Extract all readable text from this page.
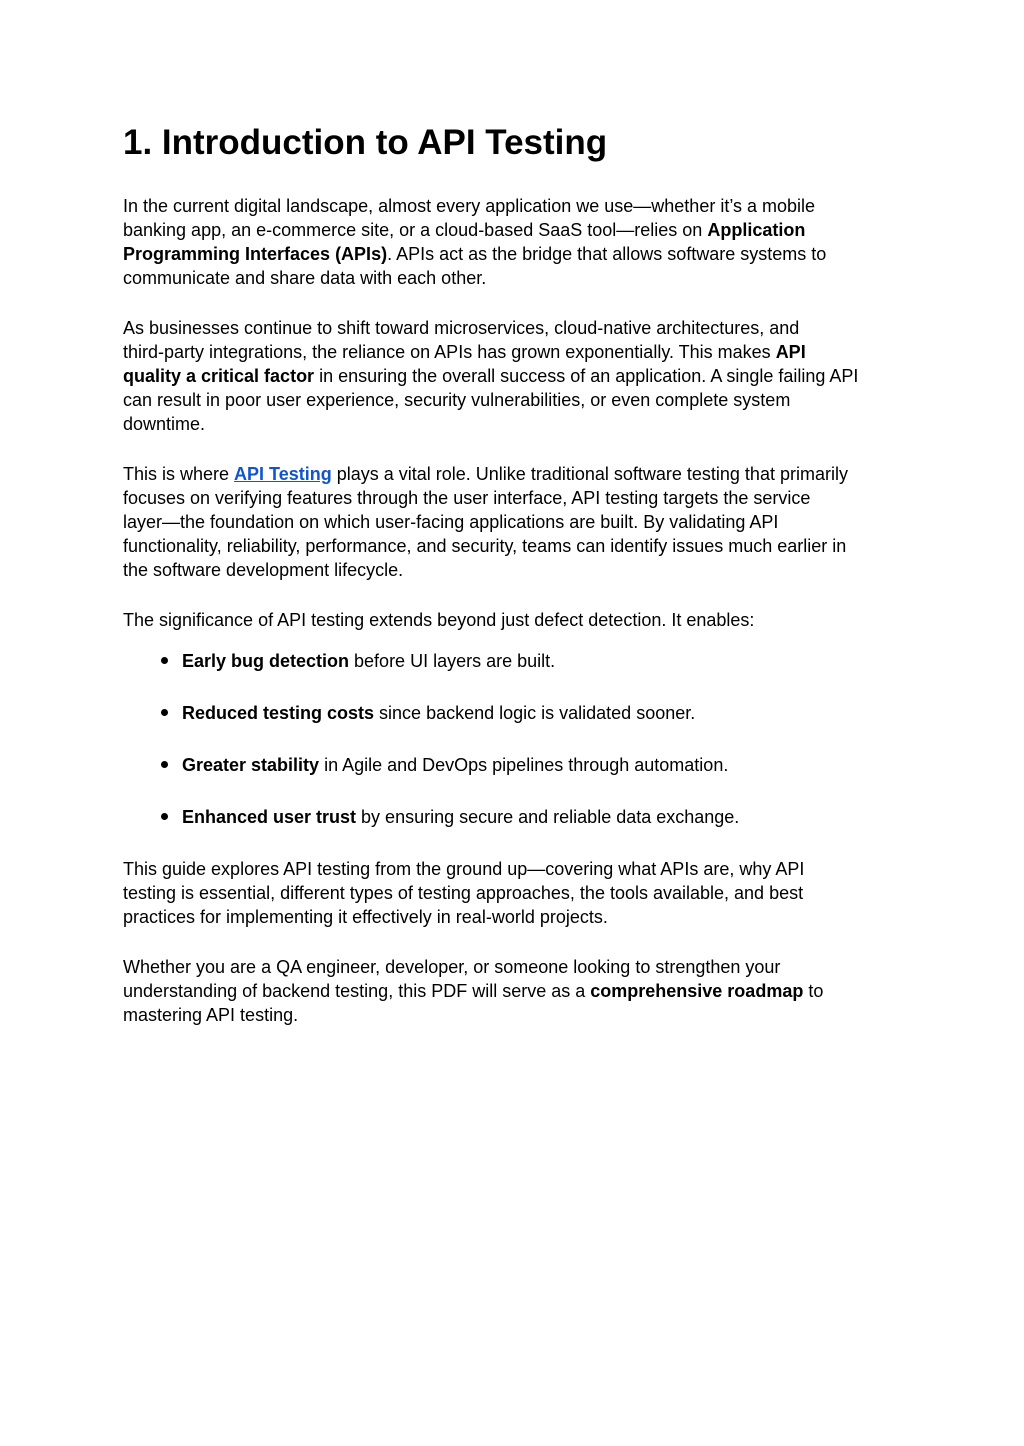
1. Introduction to API Testing
In the current digital landscape, almost every application we use—whether it’s a mobile
banking app, an e-commerce site, or a cloud-based SaaS tool—relies on Application
Programming Interfaces (APIs). APIs act as the bridge that allows software systems to
communicate and share data with each other.
As businesses continue to shift toward microservices, cloud-native architectures, and
third-party integrations, the reliance on APIs has grown exponentially. This makes API
quality a critical factor in ensuring the overall success of an application. A single failing API
can result in poor user experience, security vulnerabilities, or even complete system
downtime.
This is where API Testing plays a vital role. Unlike traditional software testing that primarily
focuses on verifying features through the user interface, API testing targets the service
layer—the foundation on which user-facing applications are built. By validating API
functionality, reliability, performance, and security, teams can identify issues much earlier in
the software development lifecycle.
The significance of API testing extends beyond just defect detection. It enables:
Early bug detection before UI layers are built.
Reduced testing costs since backend logic is validated sooner.
Greater stability in Agile and DevOps pipelines through automation.
Enhanced user trust by ensuring secure and reliable data exchange.
This guide explores API testing from the ground up—covering what APIs are, why API
testing is essential, different types of testing approaches, the tools available, and best
practices for implementing it effectively in real-world projects.
Whether you are a QA engineer, developer, or someone looking to strengthen your
understanding of backend testing, this PDF will serve as a comprehensive roadmap to
mastering API testing.
